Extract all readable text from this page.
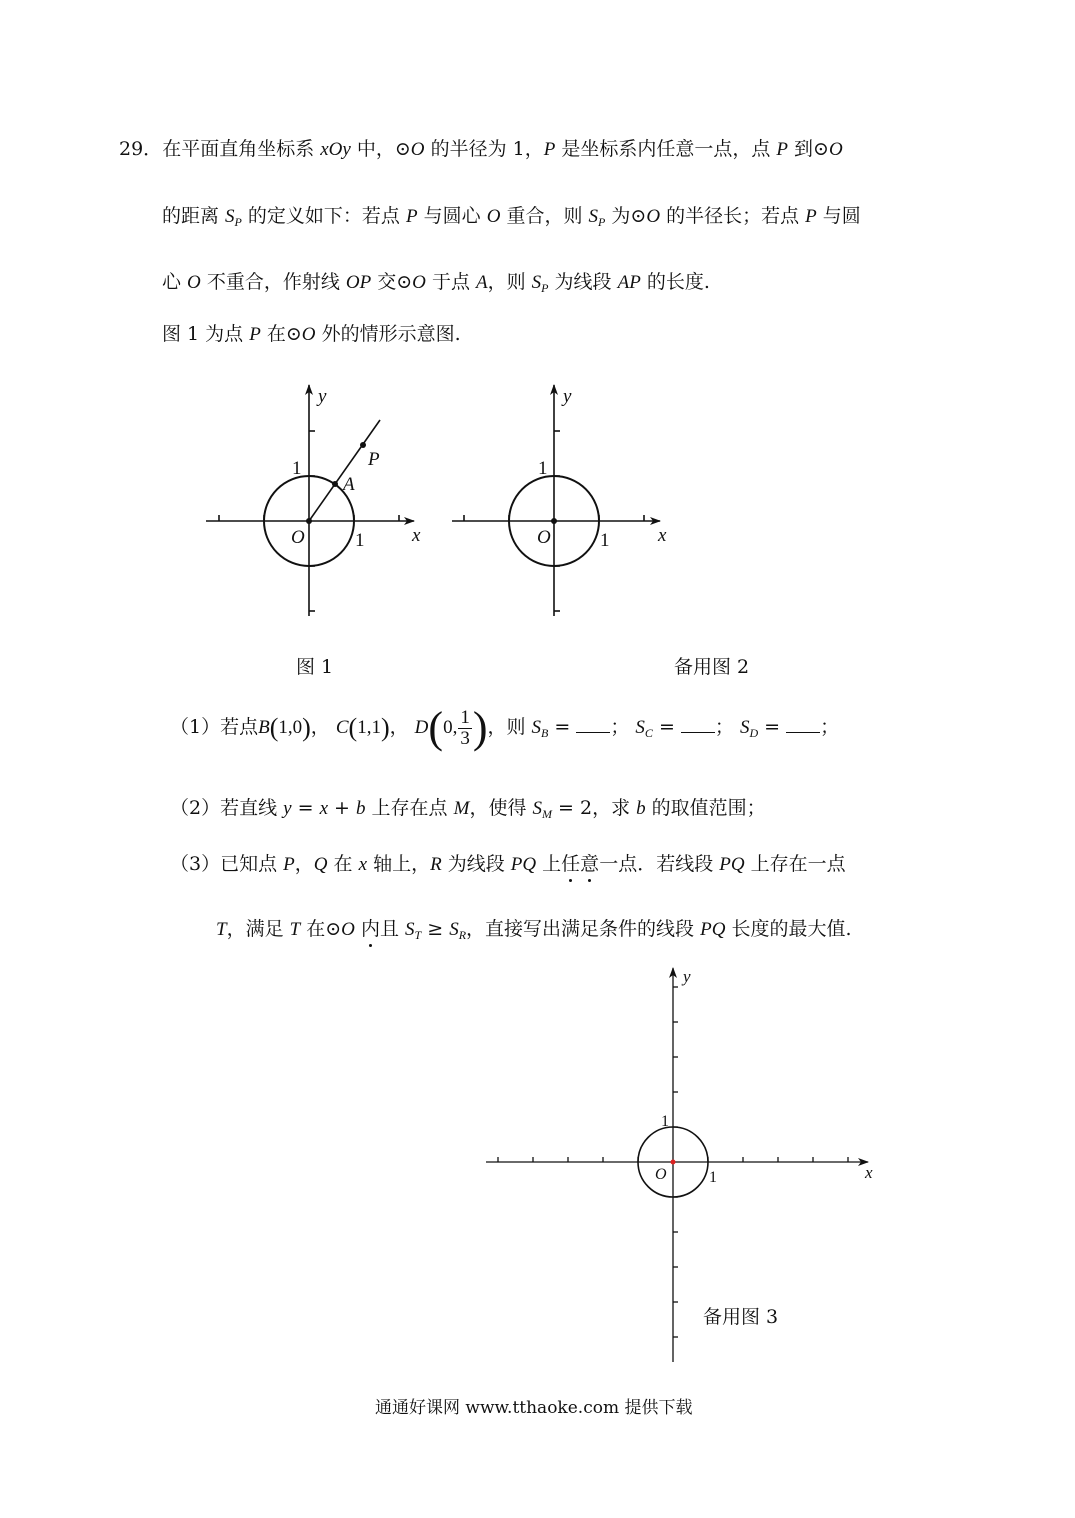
29．在平面直角坐标系 xOy 中，⊙O 的半径为 1，P 是坐标系内任意一点，点 P 到⊙O
的距离 $S_P$ 的定义如下：若点 P 与圆心 O 重合，则 $S_P$ 为⊙O 的半径长；若点 P 与圆
心 O 不重合，作射线 OP 交⊙O 于点 A，则 $S_P$ 为线段 AP 的长度.
图 1 为点 P 在⊙O 外的情形示意图.
y
x
O	1
1
A
P
y
x
O	1
1
y
x
O	1
1
图 1	备用图 2
备用图 3
（1）若点B(1,0)， C(1,1)， D(0, $\frac{1}{3}$ )，则 $S_B$ = ； $S_C$ = ； $S_D$ = ；
（2）若直线 y = x + b 上存在点 M，使得 $S_M = 2$，求 b 的取值范围；
（3）已知点 P，Q 在 x 轴上，R 为线段 PQ 上任意一点．若线段 PQ 上存在一点
T，满足 T 在⊙O 内且 $S_T \ge S_R$，直接写出满足条件的线段 PQ 长度的最大值.
通通好课网 www.tthaoke.com 提供下载
